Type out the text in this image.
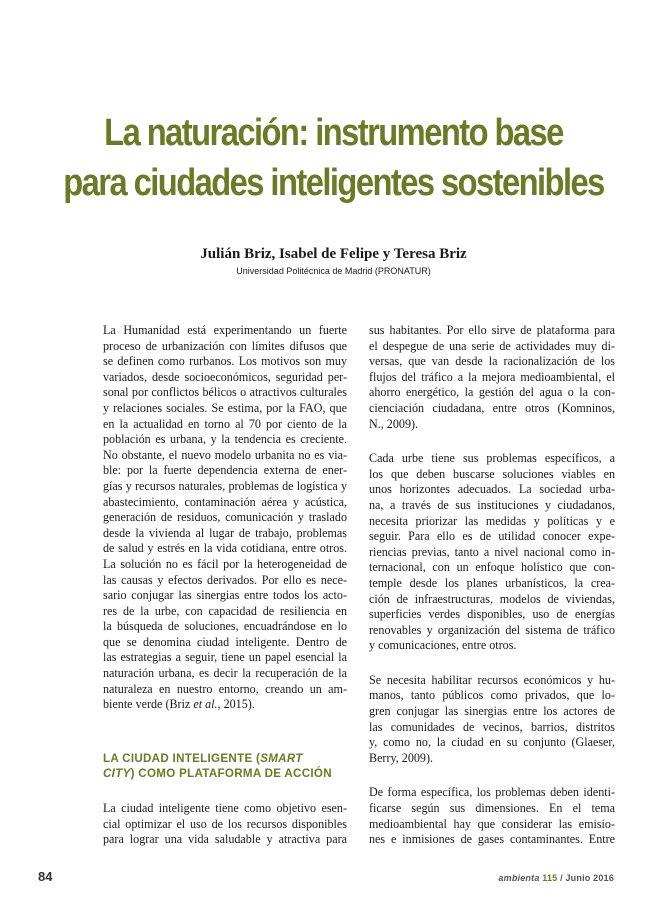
La naturación: instrumento base
para ciudades inteligentes sostenibles
Julián Briz, Isabel de Felipe y Teresa Briz
Universidad Politécnica de Madrid (PRONATUR)
La Humanidad está experimentando un fuerte
proceso de urbanización con límites difusos que
se definen como rurbanos. Los motivos son muy
variados, desde socioeconómicos, seguridad per-
sonal por conflictos bélicos o atractivos culturales
y relaciones sociales. Se estima, por la FAO, que
en la actualidad en torno al 70 por ciento de la
población es urbana, y la tendencia es creciente.
No obstante, el nuevo modelo urbanita no es via-
ble: por la fuerte dependencia externa de ener-
gías y recursos naturales, problemas de logística y
abastecimiento, contaminación aérea y acústica,
generación de residuos, comunicación y traslado
desde la vivienda al lugar de trabajo, problemas
de salud y estrés en la vida cotidiana, entre otros.
La solución no es fácil por la heterogeneidad de
las causas y efectos derivados. Por ello es nece-
sario conjugar las sinergias entre todos los acto-
res de la urbe, con capacidad de resiliencia en
la búsqueda de soluciones, encuadrándose en lo
que se denomina ciudad inteligente. Dentro de
las estrategias a seguir, tiene un papel esencial la
naturación urbana, es decir la recuperación de la
naturaleza en nuestro entorno, creando un am-
biente verde (Briz et al., 2015).
LA CIUDAD INTELIGENTE (SMART
CITY) COMO PLATAFORMA DE ACCIÓN
La ciudad inteligente tiene como objetivo esen-
cial optimizar el uso de los recursos disponibles
para lograr una vida saludable y atractiva para
sus habitantes. Por ello sirve de plataforma para
el despegue de una serie de actividades muy di-
versas, que van desde la racionalización de los
flujos del tráfico a la mejora medioambiental, el
ahorro energético, la gestión del agua o la con-
cienciación ciudadana, entre otros (Komninos,
N., 2009).
Cada urbe tiene sus problemas específicos, a
los que deben buscarse soluciones viables en
unos horizontes adecuados. La sociedad urba-
na, a través de sus instituciones y ciudadanos,
necesita priorizar las medidas y políticas y e
seguir. Para ello es de utilidad conocer expe-
riencias previas, tanto a nivel nacional como in-
ternacional, con un enfoque holístico que con-
temple desde los planes urbanísticos, la crea-
ción de infraestructuras, modelos de viviendas,
superficies verdes disponibles, uso de energías
renovables y organización del sistema de tráfico
y comunicaciones, entre otros.
Se necesita habilitar recursos económicos y hu-
manos, tanto públicos como privados, que lo-
gren conjugar las sinergias entre los actores de
las comunidades de vecinos, barrios, distritos
y, como no, la ciudad en su conjunto (Glaeser,
Berry, 2009).
De forma específica, los problemas deben identi-
ficarse según sus dimensiones. En el tema
medioambiental hay que considerar las emisio-
nes e inmisiones de gases contaminantes. Entre
84	ambienta 115 / Junio 2016
